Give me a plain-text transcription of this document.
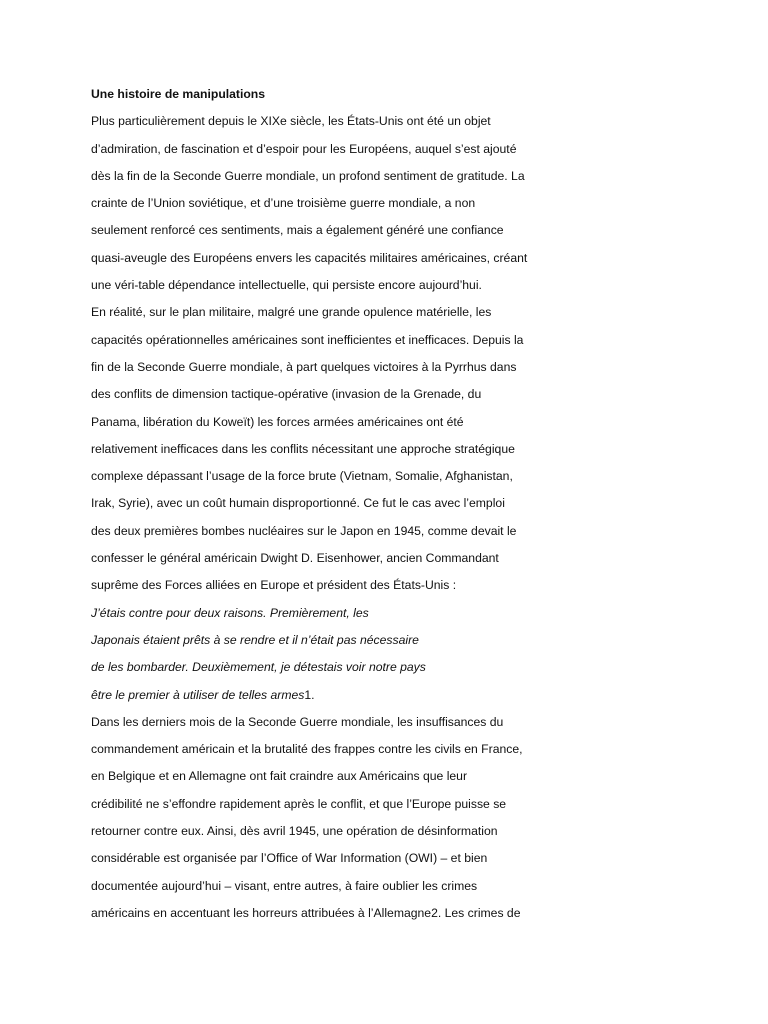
Une histoire de manipulations
Plus particulièrement depuis le XIXe siècle, les États-Unis ont été un objet
d’admiration, de fascination et d’espoir pour les Européens, auquel s’est ajouté
dès la fin de la Seconde Guerre mondiale, un profond sentiment de gratitude. La
crainte de l’Union soviétique, et d’une troisième guerre mondiale, a non
seulement renforcé ces sentiments, mais a également généré une confiance
quasi-aveugle des Européens envers les capacités militaires américaines, créant
une véri-table dépendance intellectuelle, qui persiste encore aujourd’hui.
En réalité, sur le plan militaire, malgré une grande opulence matérielle, les
capacités opérationnelles américaines sont inefficientes et inefficaces. Depuis la
fin de la Seconde Guerre mondiale, à part quelques victoires à la Pyrrhus dans
des conflits de dimension tactique-opérative (invasion de la Grenade, du
Panama, libération du Koweït) les forces armées américaines ont été
relativement inefficaces dans les conflits nécessitant une approche stratégique
complexe dépassant l’usage de la force brute (Vietnam, Somalie, Afghanistan,
Irak, Syrie), avec un coût humain disproportionné. Ce fut le cas avec l’emploi
des deux premières bombes nucléaires sur le Japon en 1945, comme devait le
confesser le général américain Dwight D. Eisenhower, ancien Commandant
suprême des Forces alliées en Europe et président des États-Unis :
J’étais contre pour deux raisons. Premièrement, les
Japonais étaient prêts à se rendre et il n’était pas nécessaire
de les bombarder. Deuxièmement, je détestais voir notre pays
être le premier à utiliser de telles armes1.
Dans les derniers mois de la Seconde Guerre mondiale, les insuffisances du
commandement américain et la brutalité des frappes contre les civils en France,
en Belgique et en Allemagne ont fait craindre aux Américains que leur
crédibilité ne s’effondre rapidement après le conflit, et que l’Europe puisse se
retourner contre eux. Ainsi, dès avril 1945, une opération de désinformation
considérable est organisée par l’Office of War Information (OWI) – et bien
documentée aujourd’hui – visant, entre autres, à faire oublier les crimes
américains en accentuant les horreurs attribuées à l’Allemagne2. Les crimes de
